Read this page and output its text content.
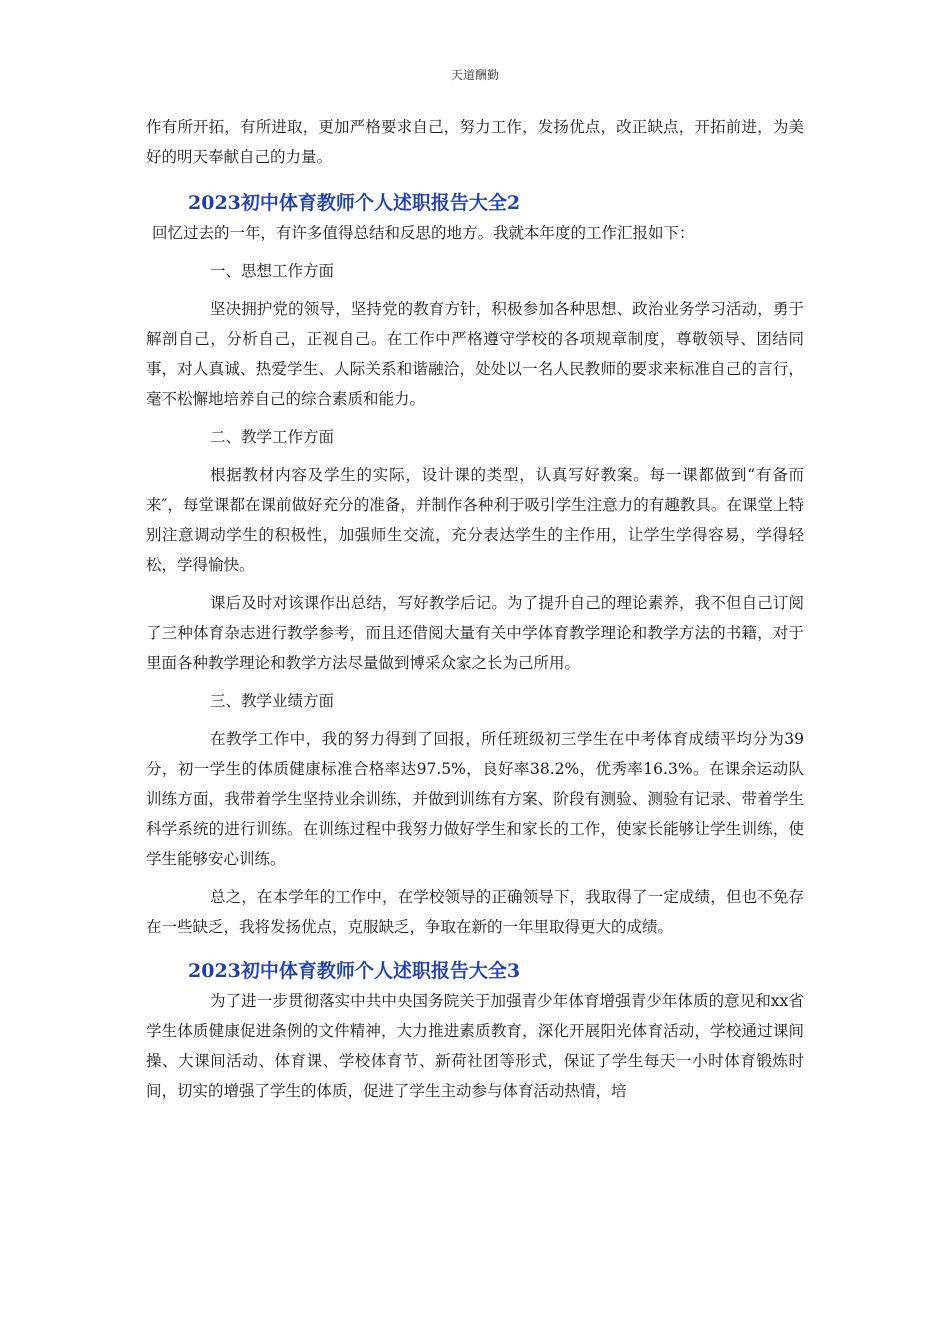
天道酬勤

作有所开拓，有所进取，更加严格要求自己，努力工作，发扬优点，改正缺点，开拓前进，为美好的明天奉献自己的力量。

2023初中体育教师个人述职报告大全2

回忆过去的一年，有许多值得总结和反思的地方。我就本年度的工作汇报如下：

一、思想工作方面

坚决拥护党的领导，坚持党的教育方针，积极参加各种思想、政治业务学习活动，勇于解剖自己，分析自己，正视自己。在工作中严格遵守学校的各项规章制度，尊敬领导、团结同事，对人真诚、热爱学生、人际关系和谐融洽，处处以一名人民教师的要求来标准自己的言行，毫不松懈地培养自己的综合素质和能力。

二、教学工作方面

根据教材内容及学生的实际，设计课的类型，认真写好教案。每一课都做到“有备而来″，每堂课都在课前做好充分的准备，并制作各种利于吸引学生注意力的有趣教具。在课堂上特别注意调动学生的积极性，加强师生交流，充分表达学生的主作用，让学生学得容易，学得轻松，学得愉快。

课后及时对该课作出总结，写好教学后记。为了提升自己的理论素养，我不但自己订阅了三种体育杂志进行教学参考，而且还借阅大量有关中学体育教学理论和教学方法的书籍，对于里面各种教学理论和教学方法尽量做到博采众家之长为己所用。

三、教学业绩方面

在教学工作中，我的努力得到了回报，所任班级初三学生在中考体育成绩平均分为39分，初一学生的体质健康标准合格率达97.5%，良好率38.2%，优秀率16.3%。在课余运动队训练方面，我带着学生坚持业余训练，并做到训练有方案、阶段有测验、测验有记录、带着学生科学系统的进行训练。在训练过程中我努力做好学生和家长的工作，使家长能够让学生训练，使学生能够安心训练。

总之，在本学年的工作中，在学校领导的正确领导下，我取得了一定成绩，但也不免存在一些缺乏，我将发扬优点，克服缺乏，争取在新的一年里取得更大的成绩。

2023初中体育教师个人述职报告大全3

为了进一步贯彻落实中共中央国务院关于加强青少年体育增强青少年体质的意见和xx省学生体质健康促进条例的文件精神，大力推进素质教育，深化开展阳光体育活动，学校通过课间操、大课间活动、体育课、学校体育节、新荷社团等形式，保证了学生每天一小时体育锻炼时间，切实的增强了学生的体质，促进了学生主动参与体育活动热情，培
